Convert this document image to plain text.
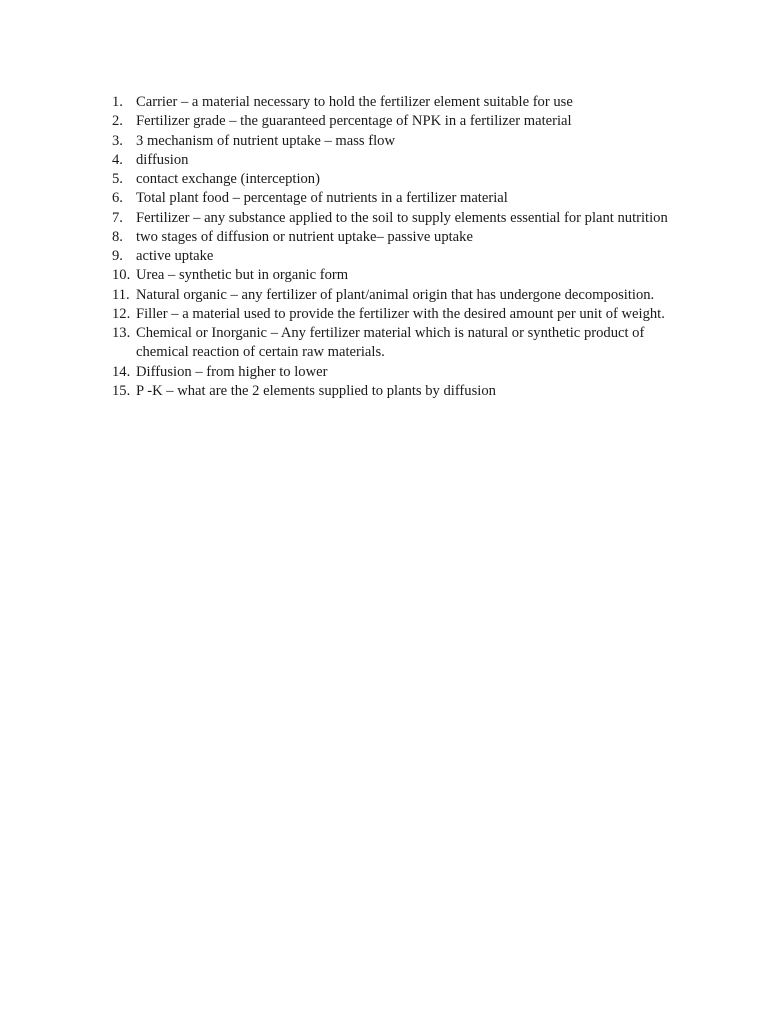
1. Carrier – a material necessary to hold the fertilizer element suitable for use
2. Fertilizer grade – the guaranteed percentage of NPK in a fertilizer material
3. 3 mechanism of nutrient uptake – mass flow
4. diffusion
5. contact exchange (interception)
6. Total plant food – percentage of nutrients in a fertilizer material
7. Fertilizer – any substance applied to the soil to supply elements essential for plant nutrition
8. two stages of diffusion or nutrient uptake– passive uptake
9. active uptake
10. Urea – synthetic but in organic form
11. Natural organic – any fertilizer of plant/animal origin that has undergone decomposition.
12. Filler – a material used to provide the fertilizer with the desired amount per unit of weight.
13. Chemical or Inorganic – Any fertilizer material which is natural or synthetic product of chemical reaction of certain raw materials.
14. Diffusion – from higher to lower
15. P -K – what are the 2 elements supplied to plants by diffusion
